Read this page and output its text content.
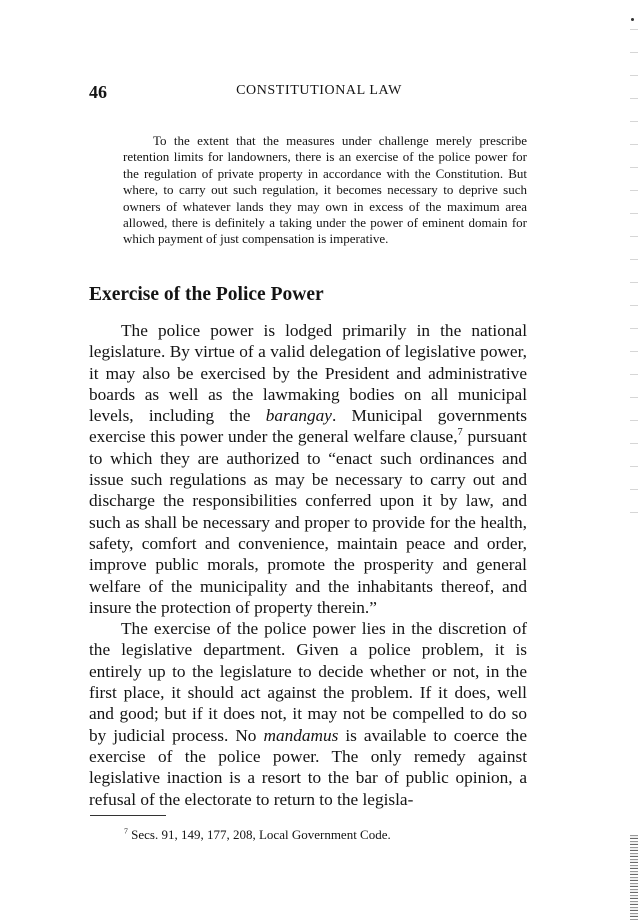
46	CONSTITUTIONAL LAW

To the extent that the measures under challenge merely prescribe retention limits for landowners, there is an exercise of the police power for the regulation of private property in accordance with the Constitution. But where, to carry out such regulation, it becomes necessary to deprive such owners of whatever lands they may own in excess of the maximum area allowed, there is definitely a taking under the power of eminent domain for which payment of just compensation is imperative.

Exercise of the Police Power

The police power is lodged primarily in the national legislature. By virtue of a valid delegation of legislative power, it may also be exercised by the President and administrative boards as well as the lawmaking bodies on all municipal levels, including the barangay. Municipal governments exercise this power under the general welfare clause,$^7$ pursuant to which they are authorized to “enact such ordinances and issue such regulations as may be necessary to carry out and discharge the responsibilities conferred upon it by law, and such as shall be necessary and proper to provide for the health, safety, comfort and convenience, maintain peace and order, improve public morals, promote the prosperity and general welfare of the municipality and the inhabitants thereof, and insure the protection of property therein.”

The exercise of the police power lies in the discretion of the legislative department. Given a police problem, it is entirely up to the legislature to decide whether or not, in the first place, it should act against the problem. If it does, well and good; but if it does not, it may not be compelled to do so by judicial process. No mandamus is available to coerce the exercise of the police power. The only remedy against legislative inaction is a resort to the bar of public opinion, a refusal of the electorate to return to the legisla-

$^7$ Secs. 91, 149, 177, 208, Local Government Code.
